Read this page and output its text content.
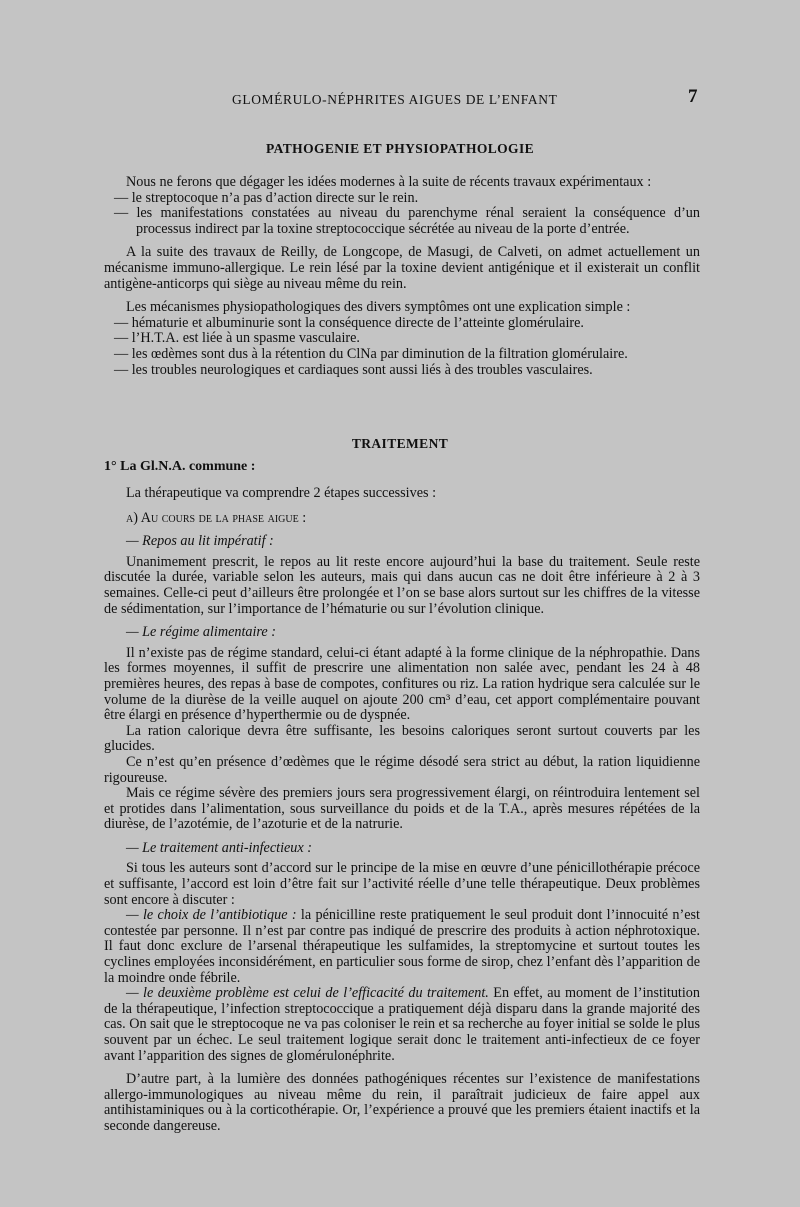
GLOMÉRULO-NÉPHRITES AIGUES DE L’ENFANT	7
PATHOGENIE ET PHYSIOPATHOLOGIE

Nous ne ferons que dégager les idées modernes à la suite de récents travaux expérimentaux :

— le streptocoque n’a pas d’action directe sur le rein.

— les manifestations constatées au niveau du parenchyme rénal seraient la conséquence d’un processus indirect par la toxine streptococcique sécrétée au niveau de la porte d’entrée.

A la suite des travaux de Reilly, de Longcope, de Masugi, de Calveti, on admet actuellement un mécanisme immuno-allergique. Le rein lésé par la toxine devient antigénique et il existerait un conflit antigène-anticorps qui siège au niveau même du rein.

Les mécanismes physiopathologiques des divers symptômes ont une explication simple :

— hématurie et albuminurie sont la conséquence directe de l’atteinte glomérulaire.

— l’H.T.A. est liée à un spasme vasculaire.

— les œdèmes sont dus à la rétention du ClNa par diminution de la filtration glomérulaire.

— les troubles neurologiques et cardiaques sont aussi liés à des troubles vasculaires.

TRAITEMENT
1° La Gl.N.A. commune :

La thérapeutique va comprendre 2 étapes successives :

a) Au cours de la phase aigue :

— Repos au lit impératif :

Unanimement prescrit, le repos au lit reste encore aujourd’hui la base du traitement. Seule reste discutée la durée, variable selon les auteurs, mais qui dans aucun cas ne doit être inférieure à 2 à 3 semaines. Celle-ci peut d’ailleurs être prolongée et l’on se base alors surtout sur les chiffres de la vitesse de sédimentation, sur l’importance de l’hématurie ou sur l’évolution clinique.

— Le régime alimentaire :

Il n’existe pas de régime standard, celui-ci étant adapté à la forme clinique de la néphropathie. Dans les formes moyennes, il suffit de prescrire une alimentation non salée avec, pendant les 24 à 48 premières heures, des repas à base de compotes, confitures ou riz. La ration hydrique sera calculée sur le volume de la diurèse de la veille auquel on ajoute 200 cm³ d’eau, cet apport complémentaire pouvant être élargi en présence d’hyperthermie ou de dyspnée.

La ration calorique devra être suffisante, les besoins caloriques seront surtout couverts par les glucides.

Ce n’est qu’en présence d’œdèmes que le régime désodé sera strict au début, la ration liquidienne rigoureuse.

Mais ce régime sévère des premiers jours sera progressivement élargi, on réintroduira lentement sel et protides dans l’alimentation, sous surveillance du poids et de la T.A., après mesures répétées de la diurèse, de l’azotémie, de l’azoturie et de la natrurie.

— Le traitement anti-infectieux :

Si tous les auteurs sont d’accord sur le principe de la mise en œuvre d’une pénicillothérapie précoce et suffisante, l’accord est loin d’être fait sur l’activité réelle d’une telle thérapeutique. Deux problèmes sont encore à discuter :

— le choix de l’antibiotique : la pénicilline reste pratiquement le seul produit dont l’innocuité n’est contestée par personne. Il n’est par contre pas indiqué de prescrire des produits à action néphrotoxique. Il faut donc exclure de l’arsenal thérapeutique les sulfamides, la streptomycine et surtout toutes les cyclines employées inconsidérément, en particulier sous forme de sirop, chez l’enfant dès l’apparition de la moindre onde fébrile.

— le deuxième problème est celui de l’efficacité du traitement. En effet, au moment de l’institution de la thérapeutique, l’infection streptococcique a pratiquement déjà disparu dans la grande majorité des cas. On sait que le streptocoque ne va pas coloniser le rein et sa recherche au foyer initial se solde le plus souvent par un échec. Le seul traitement logique serait donc le traitement anti-infectieux de ce foyer avant l’apparition des signes de glomérulonéphrite.

D’autre part, à la lumière des données pathogéniques récentes sur l’existence de manifestations allergo-immunologiques au niveau même du rein, il paraîtrait judicieux de faire appel aux antihistaminiques ou à la corticothérapie. Or, l’expérience a prouvé que les premiers étaient inactifs et la seconde dangereuse.
